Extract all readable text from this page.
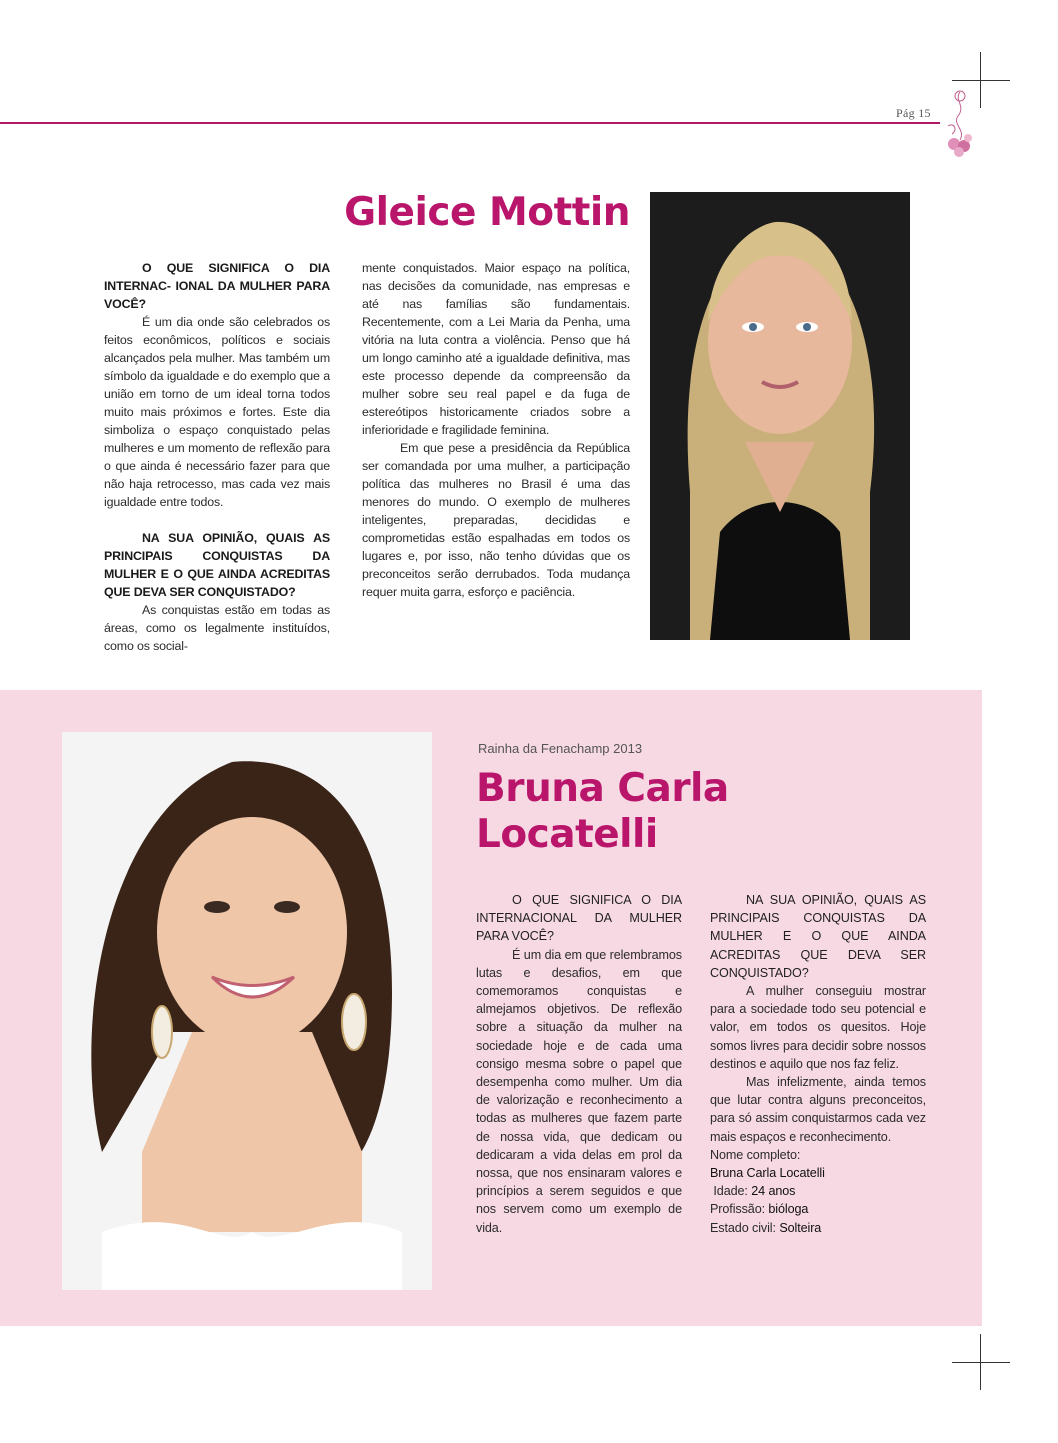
Pág 15
Gleice Mottin

O QUE SIGNIFICA O DIA INTERNAC- IONAL DA MULHER PARA VOCÊ?

É um dia onde são celebrados os feitos econômicos, políticos e sociais alcançados pela mulher. Mas também um símbolo da igualdade e do exemplo que a união em torno de um ideal torna todos muito mais próximos e fortes. Este dia simboliza o espaço conquistado pelas mulheres e um momento de reflexão para o que ainda é necessário fazer para que não haja retrocesso, mas cada vez mais igualdade entre todos.

NA SUA OPINIÃO, QUAIS AS PRINCIPAIS CONQUISTAS DA MULHER E O QUE AINDA ACREDITAS QUE DEVA SER CONQUISTADO?

As conquistas estão em todas as áreas, como os legalmente instituídos, como os social-

mente conquistados. Maior espaço na política, nas decisões da comunidade, nas empresas e até nas famílias são fundamentais. Recentemente, com a Lei Maria da Penha, uma vitória na luta contra a violência. Penso que há um longo caminho até a igualdade definitiva, mas este processo depende da compreensão da mulher sobre seu real papel e da fuga de estereótipos historicamente criados sobre a inferioridade e fragilidade feminina.

Em que pese a presidência da República ser comandada por uma mulher, a participação política das mulheres no Brasil é uma das menores do mundo. O exemplo de mulheres inteligentes, preparadas, decididas e comprometidas estão espalhadas em todos os lugares e, por isso, não tenho dúvidas que os preconceitos serão derrubados. Toda mudança requer muita garra, esforço e paciência.

Rainha da Fenachamp 2013

Bruna Carla
Locatelli

O QUE SIGNIFICA O DIA INTERNACIONAL DA MULHER PARA VOCÊ?

É um dia em que relembramos lutas e desafios, em que comemoramos conquistas e almejamos objetivos. De reflexão sobre a situação da mulher na sociedade hoje e de cada uma consigo mesma sobre o papel que desempenha como mulher. Um dia de valorização e reconhecimento a todas as mulheres que fazem parte de nossa vida, que dedicam ou dedicaram a vida delas em prol da nossa, que nos ensinaram valores e princípios a serem seguidos e que nos servem como um exemplo de vida.

NA SUA OPINIÃO, QUAIS AS PRINCIPAIS CONQUISTAS DA MULHER E O QUE AINDA ACREDITAS QUE DEVA SER CONQUISTADO?

A mulher conseguiu mostrar para a sociedade todo seu potencial e valor, em todos os quesitos. Hoje somos livres para decidir sobre nossos destinos e aquilo que nos faz feliz.

Mas infelizmente, ainda temos que lutar contra alguns preconceitos, para só assim conquistarmos cada vez mais espaços e reconhecimento.

Nome completo:

Bruna Carla Locatelli

Idade: 24 anos

Profissão: bióloga

Estado civil: Solteira
